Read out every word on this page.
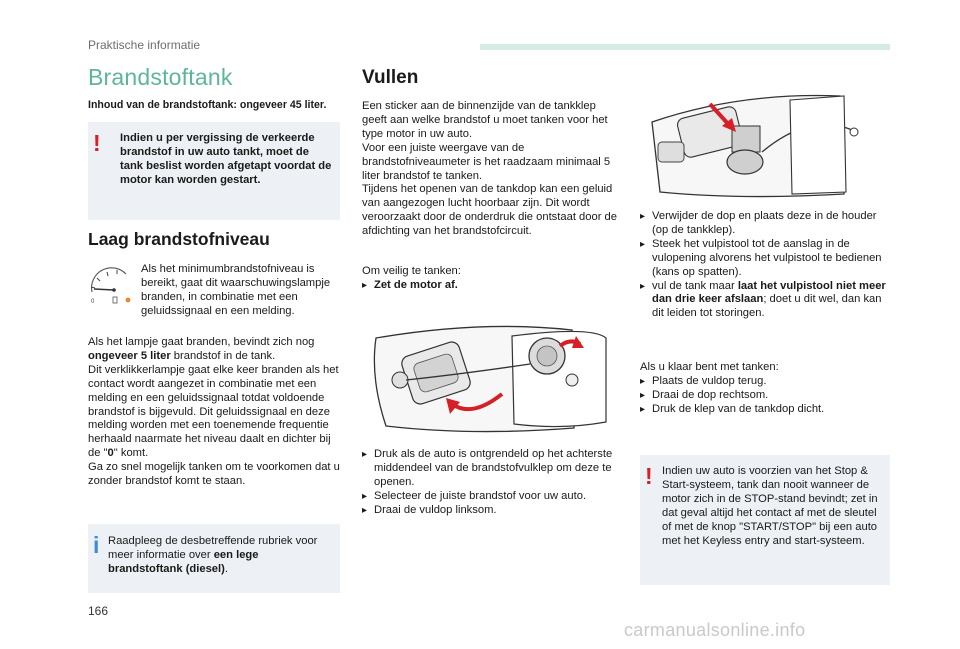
Praktische informatie
Brandstoftank
Inhoud van de brandstoftank: ongeveer 45 liter.
! Indien u per vergissing de verkeerde brandstof in uw auto tankt, moet de tank beslist worden afgetapt voordat de motor kan worden gestart.
Laag brandstofniveau
0
Als het minimumbrandstofniveau is bereikt, gaat dit waarschuwingslampje branden, in combinatie met een geluidssignaal en een melding.

Als het lampje gaat branden, bevindt zich nog ongeveer 5 liter brandstof in de tank.

Dit verklikkerlampje gaat elke keer branden als het contact wordt aangezet in combinatie met een melding en een geluidssignaal totdat voldoende brandstof is bijgevuld. Dit geluidssignaal en deze melding worden met een toenemende frequentie herhaald naarmate het niveau daalt en dichter bij de "0" komt.

Ga zo snel mogelijk tanken om te voorkomen dat u zonder brandstof komt te staan.

i Raadpleeg de desbetreffende rubriek voor meer informatie over een lege brandstoftank (diesel).
Vullen

Een sticker aan de binnenzijde van de tankklep geeft aan welke brandstof u moet tanken voor het type motor in uw auto.

Voor een juiste weergave van de brandstofniveaumeter is het raadzaam minimaal 5 liter brandstof te tanken.

Tijdens het openen van de tankdop kan een geluid van aangezogen lucht hoorbaar zijn. Dit wordt veroorzaakt door de onderdruk die ontstaat door de afdichting van het brandstofcircuit.

Om veilig te tanken:

▸ Zet de motor af.
▸ Druk als de auto is ontgrendeld op het achterste middendeel van de brandstofvulklep om deze te openen.
▸ Selecteer de juiste brandstof voor uw auto.
▸ Draai de vuldop linksom.
▸ Verwijder de dop en plaats deze in de houder (op de tankklep).
▸ Steek het vulpistool tot de aanslag in de vulopening alvorens het vulpistool te bedienen (kans op spatten).
▸ vul de tank maar laat het vulpistool niet meer dan drie keer afslaan; doet u dit wel, dan kan dit leiden tot storingen.

Als u klaar bent met tanken:

▸ Plaats de vuldop terug.
▸ Draai de dop rechtsom.
▸ Druk de klep van de tankdop dicht.
! Indien uw auto is voorzien van het Stop & Start-systeem, tank dan nooit wanneer de motor zich in de STOP-stand bevindt; zet in dat geval altijd het contact af met de sleutel of met de knop "START/STOP" bij een auto met het Keyless entry and start-systeem.
166
carmanualsonline.info
